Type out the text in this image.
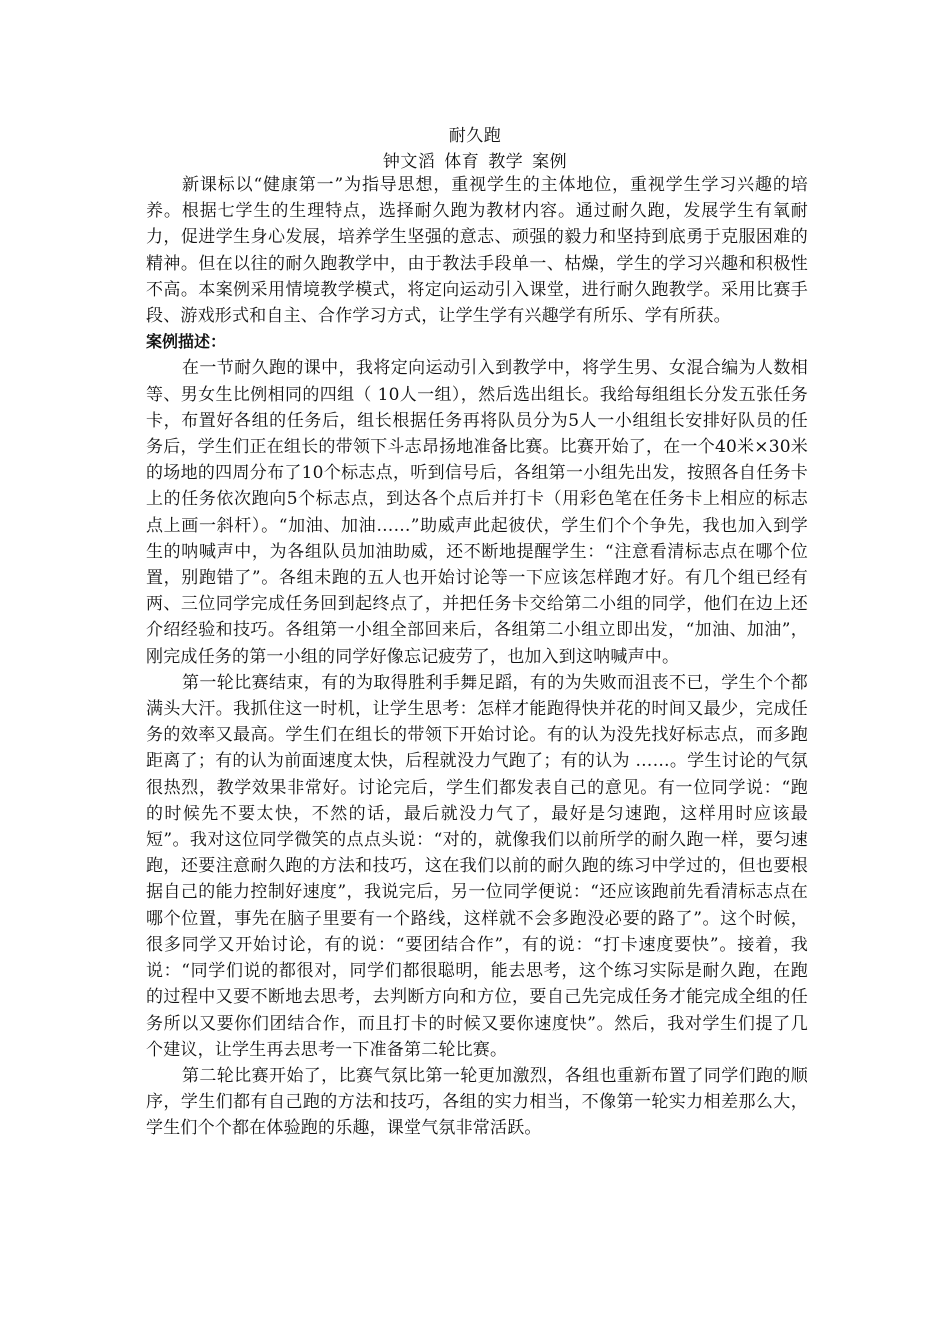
耐久跑
钟文滔 体育 教学 案例

新课标以“健康第一”为指导思想，重视学生的主体地位，重视学生学习兴趣的培养。根据七学生的生理特点，选择耐久跑为教材内容。通过耐久跑，发展学生有氧耐力，促进学生身心发展，培养学生坚强的意志、顽强的毅力和坚持到底勇于克服困难的精神。但在以往的耐久跑教学中，由于教法手段单一、枯燥，学生的学习兴趣和积极性不高。本案例采用情境教学模式，将定向运动引入课堂，进行耐久跑教学。采用比赛手段、游戏形式和自主、合作学习方式，让学生学有兴趣学有所乐、学有所获。

案例描述：

在一节耐久跑的课中，我将定向运动引入到教学中，将学生男、女混合编为人数相等、男女生比例相同的四组（ 10人一组），然后选出组长。我给每组组长分发五张任务卡，布置好各组的任务后，组长根据任务再将队员分为5人一小组组长安排好队员的任务后，学生们正在组长的带领下斗志昂扬地准备比赛。比赛开始了，在一个40米×30米的场地的四周分布了10个标志点，听到信号后，各组第一小组先出发，按照各自任务卡上的任务依次跑向5个标志点，到达各个点后并打卡（用彩色笔在任务卡上相应的标志点上画一斜杆）。“加油、加油……”助威声此起彼伏，学生们个个争先，我也加入到学生的呐喊声中，为各组队员加油助威，还不断地提醒学生：“注意看清标志点在哪个位置，别跑错了”。各组未跑的五人也开始讨论等一下应该怎样跑才好。有几个组已经有两、三位同学完成任务回到起终点了，并把任务卡交给第二小组的同学，他们在边上还介绍经验和技巧。各组第一小组全部回来后，各组第二小组立即出发，“加油、加油”，刚完成任务的第一小组的同学好像忘记疲劳了，也加入到这呐喊声中。

第一轮比赛结束，有的为取得胜利手舞足蹈，有的为失败而沮丧不已，学生个个都满头大汗。我抓住这一时机，让学生思考：怎样才能跑得快并花的时间又最少，完成任务的效率又最高。学生们在组长的带领下开始讨论。有的认为没先找好标志点，而多跑距离了；有的认为前面速度太快，后程就没力气跑了；有的认为 ……。学生讨论的气氛很热烈，教学效果非常好。讨论完后，学生们都发表自己的意见。有一位同学说：“跑的时候先不要太快，不然的话，最后就没力气了，最好是匀速跑，这样用时应该最短”。我对这位同学微笑的点点头说：“对的，就像我们以前所学的耐久跑一样，要匀速跑，还要注意耐久跑的方法和技巧，这在我们以前的耐久跑的练习中学过的，但也要根据自己的能力控制好速度”，我说完后，另一位同学便说：“还应该跑前先看清标志点在哪个位置，事先在脑子里要有一个路线，这样就不会多跑没必要的路了”。这个时候，很多同学又开始讨论，有的说：“要团结合作”，有的说：“打卡速度要快”。接着，我说：“同学们说的都很对，同学们都很聪明，能去思考，这个练习实际是耐久跑，在跑的过程中又要不断地去思考，去判断方向和方位，要自己先完成任务才能完成全组的任务所以又要你们团结合作，而且打卡的时候又要你速度快”。然后，我对学生们提了几个建议，让学生再去思考一下准备第二轮比赛。

第二轮比赛开始了，比赛气氛比第一轮更加激烈，各组也重新布置了同学们跑的顺序，学生们都有自己跑的方法和技巧，各组的实力相当，不像第一轮实力相差那么大，学生们个个都在体验跑的乐趣，课堂气氛非常活跃。
